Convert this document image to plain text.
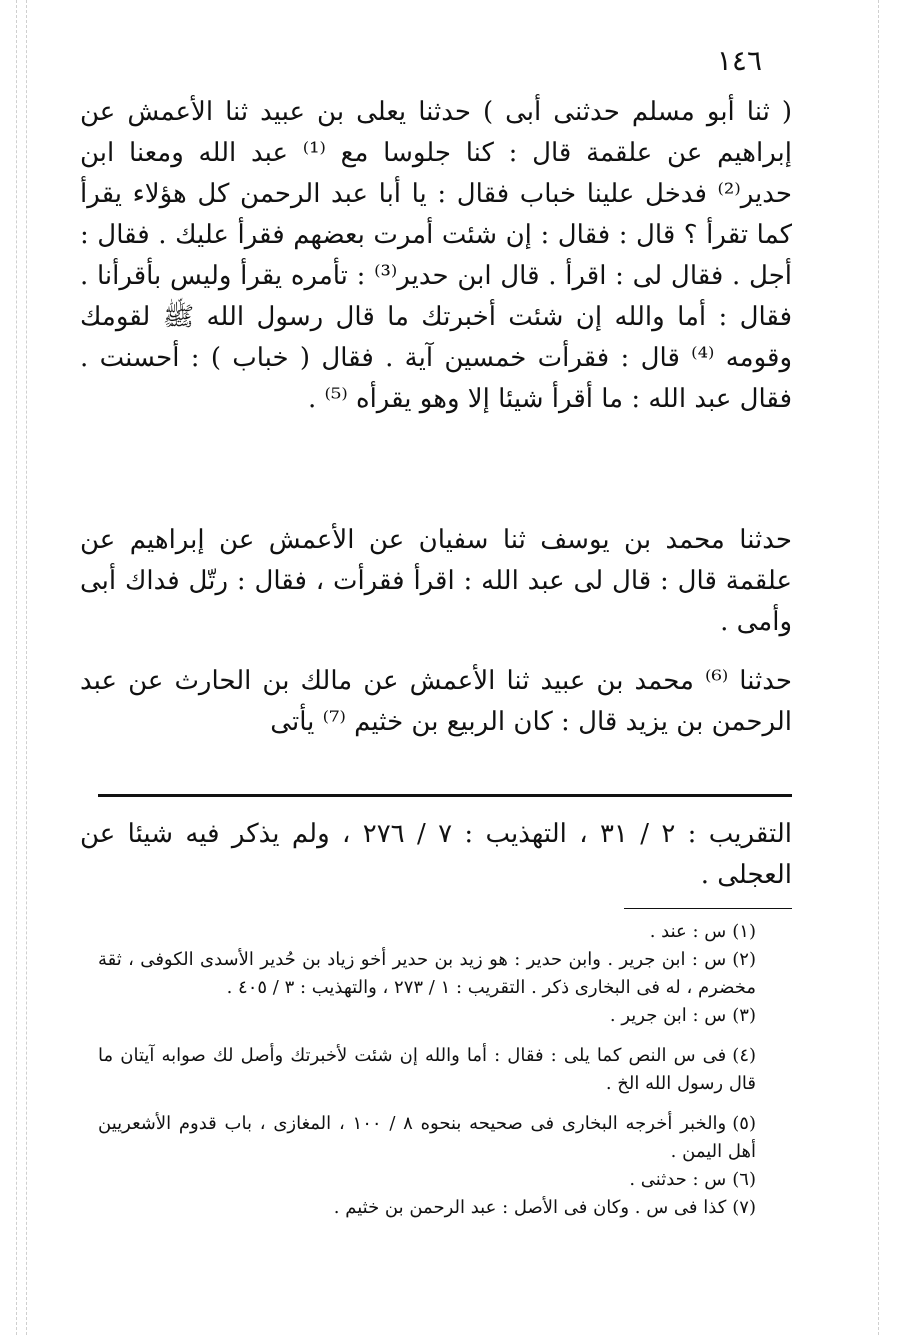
١٤٦

( ثنا أبو مسلم حدثنى أبى ) حدثنا يعلى بن عبيد ثنا الأعمش عن إبراهيم عن علقمة قال : كنا جلوسا مع ⁽¹⁾ عبد الله ومعنا ابن حدير⁽²⁾ فدخل علينا خباب فقال : يا أبا عبد الرحمن كل هؤلاء يقرأ كما تقرأ ؟ قال : فقال : إن شئت أمرت بعضهم فقرأ عليك . فقال : أجل . فقال لى : اقرأ . قال ابن حدير⁽³⁾ : تأمره يقرأ وليس بأقرأنا . فقال : أما والله إن شئت أخبرتك ما قال رسول الله ﷺ لقومك وقومه ⁽⁴⁾ قال : فقرأت خمسين آية . فقال ( خباب ) : أحسنت . فقال عبد الله : ما أقرأ شيئا إلا وهو يقرأه ⁽⁵⁾ .

حدثنا محمد بن يوسف ثنا سفيان عن الأعمش عن إبراهيم عن علقمة قال : قال لى عبد الله : اقرأ فقرأت ، فقال : رتّل فداك أبى وأمى .

حدثنا ⁽⁶⁾ محمد بن عبيد ثنا الأعمش عن مالك بن الحارث عن عبد الرحمن بن يزيد قال : كان الربيع بن خثيم ⁽⁷⁾ يأتى

التقريب : ٢ / ٣١ ، التهذيب : ٧ / ٢٧٦ ، ولم يذكر فيه شيئا عن العجلى .

(١)س : عند .

(٢)س : ابن جرير . وابن حدير : هو زيد بن حدير أخو زياد بن حُدير الأسدى الكوفى ، ثقة مخضرم ، له فى البخارى ذكر . التقريب : ١ / ٢٧٣ ، والتهذيب : ٣ / ٤٠٥ .

(٣)س : ابن جرير .

(٤)فى س النص كما يلى : فقال : أما والله إن شئت لأخبرتك وأصل لك صوابه آيتان ما قال رسول الله الخ .

(٥)والخبر أخرجه البخارى فى صحيحه بنحوه ٨ / ١٠٠ ، المغازى ، باب قدوم الأشعريين أهل اليمن .

(٦)س : حدثنى .

(٧)كذا فى س . وكان فى الأصل : عبد الرحمن بن خثيم .
